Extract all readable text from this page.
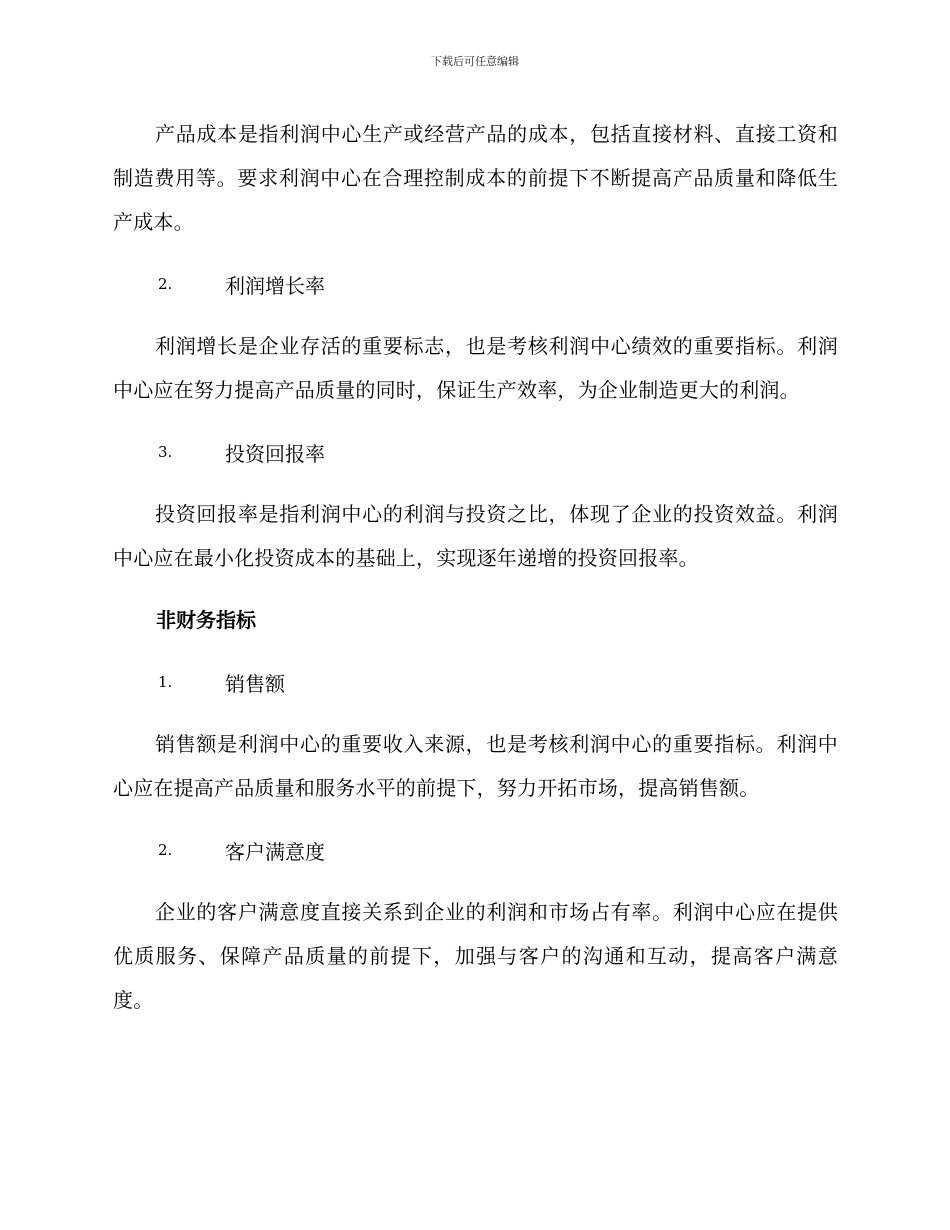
下载后可任意编辑

产品成本是指利润中心生产或经营产品的成本，包括直接材料、直接工资和制造费用等。要求利润中心在合理控制成本的前提下不断提高产品质量和降低生产成本。

2.	利润增长率

利润增长是企业存活的重要标志，也是考核利润中心绩效的重要指标。利润中心应在努力提高产品质量的同时，保证生产效率，为企业制造更大的利润。

3.	投资回报率

投资回报率是指利润中心的利润与投资之比，体现了企业的投资效益。利润中心应在最小化投资成本的基础上，实现逐年递增的投资回报率。

非财务指标
1.	销售额

销售额是利润中心的重要收入来源，也是考核利润中心的重要指标。利润中心应在提高产品质量和服务水平的前提下，努力开拓市场，提高销售额。

2.	客户满意度

企业的客户满意度直接关系到企业的利润和市场占有率。利润中心应在提供优质服务、保障产品质量的前提下，加强与客户的沟通和互动，提高客户满意度。
